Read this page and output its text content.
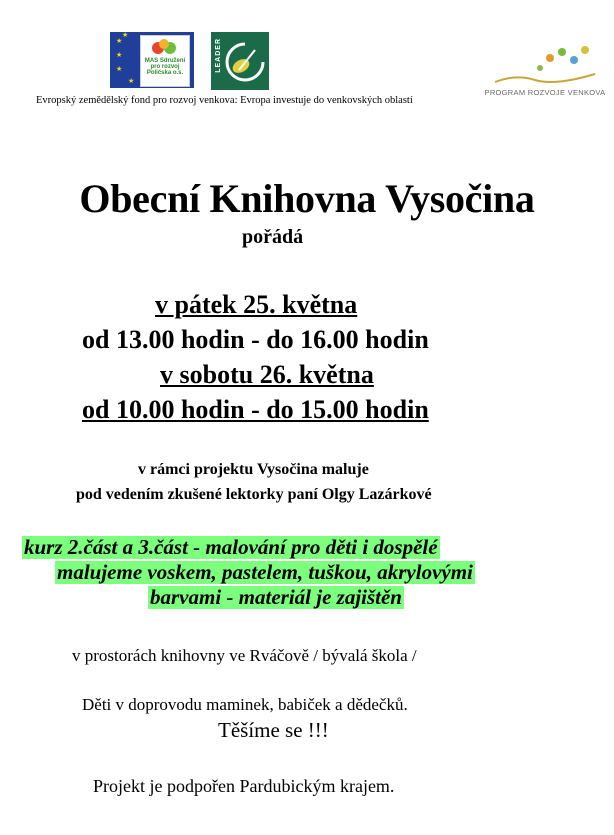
★
★
★
★
★
MAS Sdružení pro rozvoj Poličska o.s.
LEADER
PROGRAM ROZVOJE VENKOVA
Evropský zemědělský fond pro rozvoj venkova: Evropa investuje do venkovských oblastí
Obecní Knihovna Vysočina
pořádá
v pátek 25. května
od 13.00 hodin - do 16.00 hodin
v sobotu 26. května
od 10.00 hodin - do 15.00 hodin
v rámci projektu Vysočina maluje
pod vedením zkušené lektorky paní Olgy Lazárkové
kurz 2.část a 3.část - malování pro děti i dospělé
malujeme voskem, pastelem, tuškou, akrylovými
barvami - materiál je zajištěn
v prostorách knihovny ve Rváčově / bývalá škola /
Děti v doprovodu maminek, babiček a dědečků.
Těšíme se !!!
Projekt je podpořen Pardubickým krajem.
